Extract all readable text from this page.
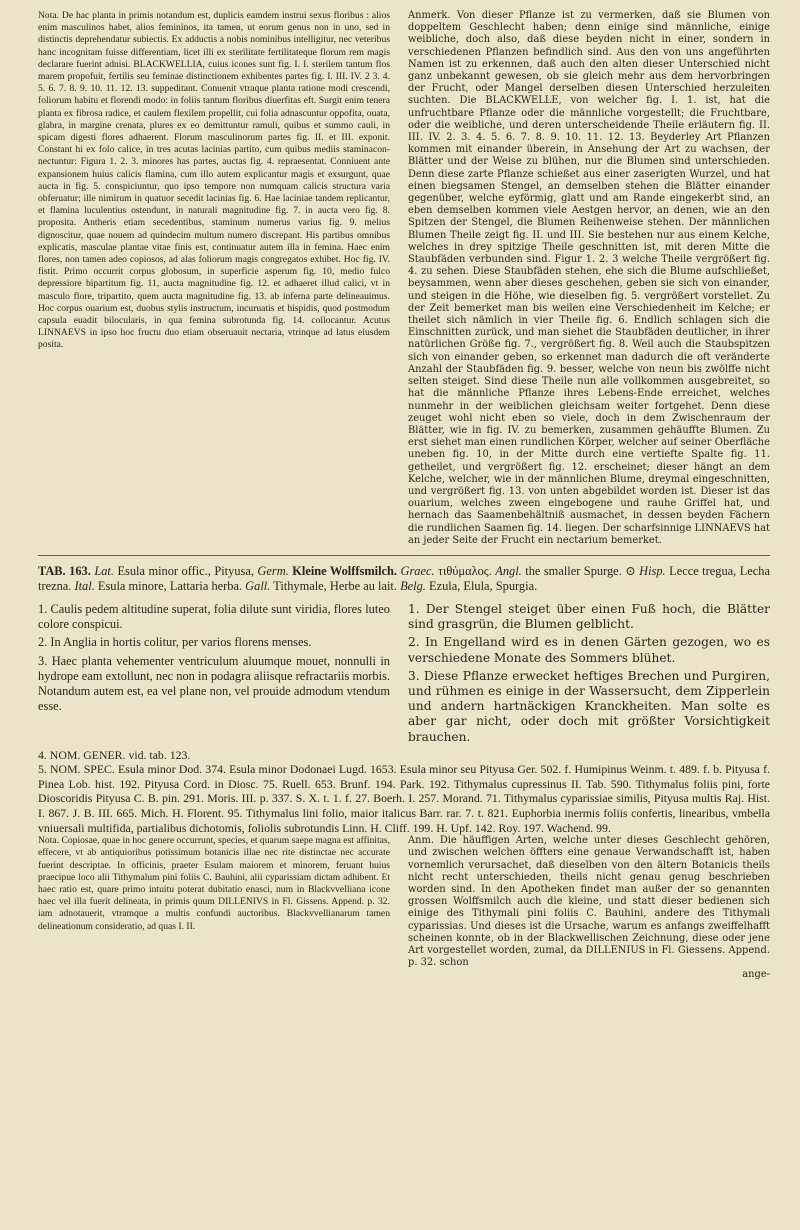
Nota. De hac planta in primis notandum est, duplicis eamdem instrui sexus floribus : alios enim masculinos habet, alios femininos, ita tamen, ut eorum genus non in uno, sed in distinctis deprehendatur subiectis. Ex adductis a nobis nominibus intelligitur, nec veteribus hanc incognitam fuisse differentiam, licet illi ex sterilitate fertilitateque florum rem magis declarare fuerint adnisi. BLACKWELLIA, cuius icones sunt fig. I. I. sterilem tantum flos marem propofuit, fertilis seu feminae distinctionem exhibentes partes fig. I. III. IV. 2 3. 4. 5. 6. 7. 8. 9. 10. 11. 12. 13. suppeditant. Conuenit vtraque planta ratione modi crescendi, foliorum habitu et florendi modo: in foliis tantum floribus diuerfitas eft. Surgit enim tenera planta ex fibrosa radice, et caulem flexilem propellit, cui folia adnascuntur oppofita, ouata, glabra, in margine crenata, plures ex eo demittuntur ramuli, quibus et summo cauli, in spicam digesti flores adhaerent. Florum masculinorum partes fig. II. et III. exponit. Constant hi ex folo calice, in tres acutas lacinias partito, cum quibus mediis staminacon-nectuntur: Figura 1. 2. 3. minores has partes, auctas fig. 4. repraesentat. Conniuent ante expansionem huius calicis flamina, cum illo autem explicantur magis et exsurgunt, quae aucta in fig. 5. conspiciuntur, quo ipso tempore non numquam calicis structura varia obferuatur; ille nimirum in quatuor secedit lacinias fig. 6. Hae laciniae tandem replicantur, et flamina luculentius ostendunt, in naturali magnitudine fig. 7. in aucta vero fig. 8. proposita. Antheris etiam secedentibus, staminum numerus varius fig. 9. melius dignoscitur, quae nouem ad quindecim multum numero discrepant. His partibus omnibus explicatis, masculae plantae vitae finis est, continuatur autem illa in femina. Haec enim flores, non tamen adeo copiosos, ad alas foliorum magis congregatos exhibet. Hoc fig. IV. fistit. Primo occurrit corpus globosum, in superficie asperum fig. 10, medio fulco depressiore bipartitum fig. 11, aucta magnitudine fig. 12. et adhaeret illud calici, vt in masculo flore, tripartito, quem aucta magnitudine fig. 13. ab inferna parte delineauimus. Hoc corpus ouarium est, duobus stylis instructum, incuruatis et hispidis, quod postmodum capsula euadit bilocularis, in qua femina subrotunda fig. 14. collocantur. Acutus LINNAEVS in ipso hoc fructu duo etiam obseruauit nectaria, vtrinque ad latus eiusdem posita.

Anmerk. Von dieser Pflanze ist zu vermerken, daß sie Blumen von doppeltem Geschlecht haben; denn einige sind männliche, einige weibliche, doch also, daß diese beyden nicht in einer, sondern in verschiedenen Pflanzen befindlich sind. Aus den von uns angeführten Namen ist zu erkennen, daß auch den alten dieser Unterschied nicht ganz unbekannt gewesen, ob sie gleich mehr aus dem hervorbringen der Frucht, oder Mangel derselben diesen Unterschied herzuleiten suchten. Die BLACKWELLE, von welcher fig. I. 1. ist, hat die unfruchtbare Pflanze oder die männliche vorgestellt; die Fruchtbare, oder die weibliche, und deren unterscheidende Theile erläutern fig. II. III. IV. 2. 3. 4. 5. 6. 7. 8. 9. 10. 11. 12. 13. Beyderley Art Pflanzen kommen mit einander überein, in Ansehung der Art zu wachsen, der Blätter und der Weise zu blühen, nur die Blumen sind unterschieden. Denn diese zarte Pflanze schießet aus einer zaserigten Wurzel, und hat einen biegsamen Stengel, an demselben stehen die Blätter einander gegenüber, welche eyförmig, glatt und am Rande eingekerbt sind, an eben demselben kommen viele Aestgen hervor, an denen, wie an den Spitzen der Stengel, die Blumen Reihenweise stehen. Der männlichen Blumen Theile zeigt fig. II. und III. Sie bestehen nur aus einem Kelche, welches in drey spitzige Theile geschnitten ist, mit deren Mitte die Staubfäden verbunden sind. Figur 1. 2. 3 welche Theile vergrößert fig. 4. zu sehen. Diese Staubfäden stehen, ehe sich die Blume aufschließet, beysammen, wenn aber dieses geschehen, geben sie sich von einander, und steigen in die Höhe, wie dieselben fig. 5. vergrößert vorstellet. Zu der Zeit bemerket man bis weilen eine Verschiedenheit im Kelche; er theilet sich nämlich in vier Theile fig. 6. Endlich schlagen sich die Einschnitten zurück, und man siehet die Staubfäden deutlicher, in ihrer natürlichen Größe fig. 7., vergrößert fig. 8. Weil auch die Staubspitzen sich von einander geben, so erkennet man dadurch die oft veränderte Anzahl der Staubfäden fig. 9. besser, welche von neun bis zwölffe nicht selten steiget. Sind diese Theile nun alle vollkommen ausgebreitet, so hat die männliche Pflanze ihres Lebens-Ende erreichet, welches nunmehr in der weiblichen gleichsam weiter fortgehet. Denn diese zeuget wohl nicht eben so viele, doch in dem Zwischenraum der Blätter, wie in fig. IV. zu bemerken, zusammen gehäuffte Blumen. Zu erst siehet man einen rundlichen Körper, welcher auf seiner Oberfläche uneben fig. 10, in der Mitte durch eine vertiefte Spalte fig. 11. getheilet, und vergrößert fig. 12. erscheinet; dieser hängt an dem Kelche, welcher, wie in der männlichen Blume, dreymal eingeschnitten, und vergrößert fig. 13. von unten abgebildet worden ist. Dieser ist das ouarium, welches zween eingebogene und rauhe Griffel hat, und hernach das Saamenbehältniß ausmachet, in dessen beyden Fächern die rundlichen Saamen fig. 14. liegen. Der scharfsinnige LINNAEVS hat an jeder Seite der Frucht ein nectarium bemerket.

TAB. 163. Lat. Esula minor offic., Pityusa, Germ. Kleine Wolffsmilch. Graec. τιθύμαλος. Angl. the smaller Spurge. ⊙ Hisp. Lecce tregua, Lecha trezna. Ital. Esula minore, Lattaria herba. Gall. Tithymale, Herbe au lait. Belg. Ezula, Elula, Spurgia.

1. Caulis pedem altitudine superat, folia dilute sunt viridia, flores luteo colore conspicui.

2. In Anglia in hortis colitur, per varios florens menses.

3. Haec planta vehementer ventriculum aluumque mouet, nonnulli in hydrope eam extollunt, nec non in podagra aliisque refractariis morbis. Notandum autem est, ea vel plane non, vel prouide admodum vtendum esse.

1. Der Stengel steiget über einen Fuß hoch, die Blätter sind grasgrün, die Blumen gelblicht.

2. In Engelland wird es in denen Gärten gezogen, wo es verschiedene Monate des Sommers blühet.

3. Diese Pflanze erwecket heftiges Brechen und Purgiren, und rühmen es einige in der Wassersucht, dem Zipperlein und andern hartnäckigen Kranckheiten. Man solte es aber gar nicht, oder doch mit größter Vorsichtigkeit brauchen.

4. NOM. GENER. vid. tab. 123.

5. NOM. SPEC. Esula minor Dod. 374. Esula minor Dodonaei Lugd. 1653. Esula minor seu Pityusa Ger. 502. f. Humipinus Weinm. t. 489. f. b. Pityusa f. Pinea Lob. hist. 192. Pityusa Cord. in Diosc. 75. Ruell. 653. Brunf. 194. Park. 192. Tithymalus cupressinus II. Tab. 590. Tithymalus foliis pini, forte Dioscoridis Pityusa C. B. pin. 291. Moris. III. p. 337. S. X. t. 1. f. 27. Boerh. I. 257. Morand. 71. Tithymalus cyparissiae similis, Pityusa multis Raj. Hist. I. 867. J. B. III. 665. Mich. H. Florent. 95. Tithymalus lini folio, maior italicus Barr. rar. 7. t. 821. Euphorbia inermis foliis confertis, linearibus, vmbella vniuersali multifida, partialibus dichotomis, foliolis subrotundis Linn. H. Cliff. 199. H. Upf. 142. Roy. 197. Wachend. 99.

Nota. Copiosae, quae in hoc genere occurrunt, species, et quarum saepe magna est affinitas, effecere, vt ab antiquioribus potissimum botanicis illae nec rite distinctae nec accurate fuerint descriptae. In officinis, praeter Esulam maiorem et minorem, feruant huius praecipue loco alii Tithymalum pini foliis C. Bauhini, alii cyparissiam dictam adhibent. Et haec ratio est, quare primo intuitu poterat dubitatio enasci, num in Blackvvelliana icone haec vel illa fuerit delineata, in primis quum DILLENIVS in Fl. Gissens. Append. p. 32. iam adnotauerit, vtramque a multis confundi auctoribus. Blackvvellianarum tamen delineationum consideratio, ad quas I. II.

Anm. Die häuffigen Arten, welche unter dieses Geschlecht gehören, und zwischen welchen öffters eine genaue Verwandschafft ist, haben vornemlich verursachet, daß dieselben von den ältern Botanicis theils nicht recht unterschieden, theils nicht genau genug beschrieben worden sind. In den Apotheken findet man außer der so genannten grossen Wolffsmilch auch die kleine, und statt dieser bedienen sich einige des Tithymali pini foliis C. Bauhini, andere des Tithymali cyparissias. Und dieses ist die Ursache, warum es anfangs zweiffelhafft scheinen konnte, ob in der Blackwellischen Zeichnung, diese oder jene Art vorgestellet worden, zumal, da DILLENIUS in Fl. Giessens. Append. p. 32. schon

ange-
